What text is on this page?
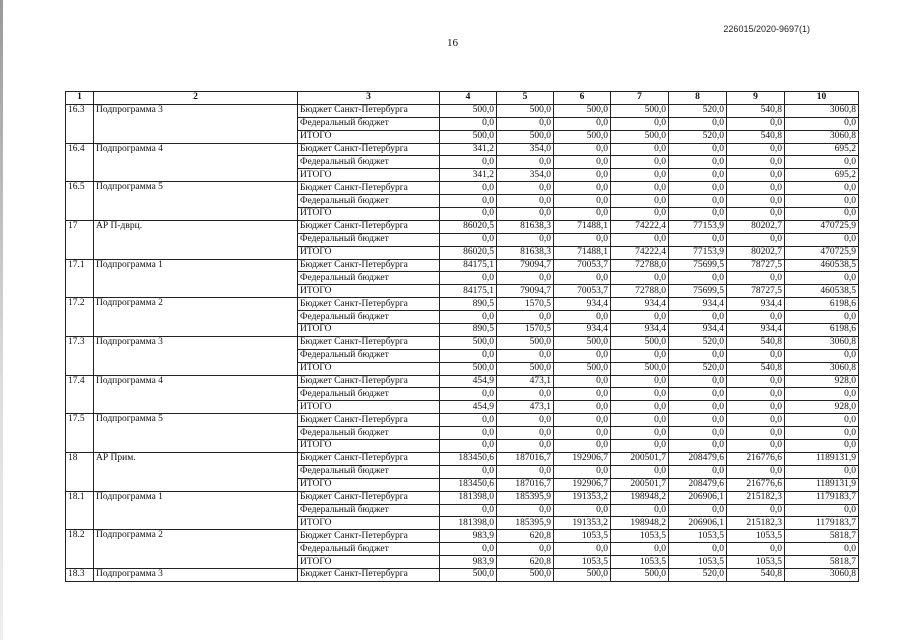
226015/2020-9697(1)
16
1	2	3	4	5	6	7	8	9	10
16.3	Подпрограмма 3	Бюджет Санкт-Петербурга	500,0	500,0	500,0	500,0	520,0	540,8	3060,8
		Федеральный бюджет	0,0	0,0	0,0	0,0	0,0	0,0	0,0
		ИТОГО	500,0	500,0	500,0	500,0	520,0	540,8	3060,8
16.4	Подпрограмма 4	Бюджет Санкт-Петербурга	341,2	354,0	0,0	0,0	0,0	0,0	695,2
		Федеральный бюджет	0,0	0,0	0,0	0,0	0,0	0,0	0,0
		ИТОГО	341,2	354,0	0,0	0,0	0,0	0,0	695,2
16.5	Подпрограмма 5	Бюджет Санкт-Петербурга	0,0	0,0	0,0	0,0	0,0	0,0	0,0
		Федеральный бюджет	0,0	0,0	0,0	0,0	0,0	0,0	0,0
		ИТОГО	0,0	0,0	0,0	0,0	0,0	0,0	0,0
17	АР П-дврц.	Бюджет Санкт-Петербурга	86020,5	81638,3	71488,1	74222,4	77153,9	80202,7	470725,9
		Федеральный бюджет	0,0	0,0	0,0	0,0	0,0	0,0	0,0
		ИТОГО	86020,5	81638,3	71488,1	74222,4	77153,9	80202,7	470725,9
17.1	Подпрограмма 1	Бюджет Санкт-Петербурга	84175,1	79094,7	70053,7	72788,0	75699,5	78727,5	460538,5
		Федеральный бюджет	0,0	0,0	0,0	0,0	0,0	0,0	0,0
		ИТОГО	84175,1	79094,7	70053,7	72788,0	75699,5	78727,5	460538,5
17.2	Подпрограмма 2	Бюджет Санкт-Петербурга	890,5	1570,5	934,4	934,4	934,4	934,4	6198,6
		Федеральный бюджет	0,0	0,0	0,0	0,0	0,0	0,0	0,0
		ИТОГО	890,5	1570,5	934,4	934,4	934,4	934,4	6198,6
17.3	Подпрограмма 3	Бюджет Санкт-Петербурга	500,0	500,0	500,0	500,0	520,0	540,8	3060,8
		Федеральный бюджет	0,0	0,0	0,0	0,0	0,0	0,0	0,0
		ИТОГО	500,0	500,0	500,0	500,0	520,0	540,8	3060,8
17.4	Подпрограмма 4	Бюджет Санкт-Петербурга	454,9	473,1	0,0	0,0	0,0	0,0	928,0
		Федеральный бюджет	0,0	0,0	0,0	0,0	0,0	0,0	0,0
		ИТОГО	454,9	473,1	0,0	0,0	0,0	0,0	928,0
17.5	Подпрограмма 5	Бюджет Санкт-Петербурга	0,0	0,0	0,0	0,0	0,0	0,0	0,0
		Федеральный бюджет	0,0	0,0	0,0	0,0	0,0	0,0	0,0
		ИТОГО	0,0	0,0	0,0	0,0	0,0	0,0	0,0
18	АР Прим.	Бюджет Санкт-Петербурга	183450,6	187016,7	192906,7	200501,7	208479,6	216776,6	1189131,9
		Федеральный бюджет	0,0	0,0	0,0	0,0	0,0	0,0	0,0
		ИТОГО	183450,6	187016,7	192906,7	200501,7	208479,6	216776,6	1189131,9
18.1	Подпрограмма 1	Бюджет Санкт-Петербурга	181398,0	185395,9	191353,2	198948,2	206906,1	215182,3	1179183,7
		Федеральный бюджет	0,0	0,0	0,0	0,0	0,0	0,0	0,0
		ИТОГО	181398,0	185395,9	191353,2	198948,2	206906,1	215182,3	1179183,7
18.2	Подпрограмма 2	Бюджет Санкт-Петербурга	983,9	620,8	1053,5	1053,5	1053,5	1053,5	5818,7
		Федеральный бюджет	0,0	0,0	0,0	0,0	0,0	0,0	0,0
		ИТОГО	983,9	620,8	1053,5	1053,5	1053,5	1053,5	5818,7
18.3	Подпрограмма 3	Бюджет Санкт-Петербурга	500,0	500,0	500,0	500,0	520,0	540,8	3060,8
